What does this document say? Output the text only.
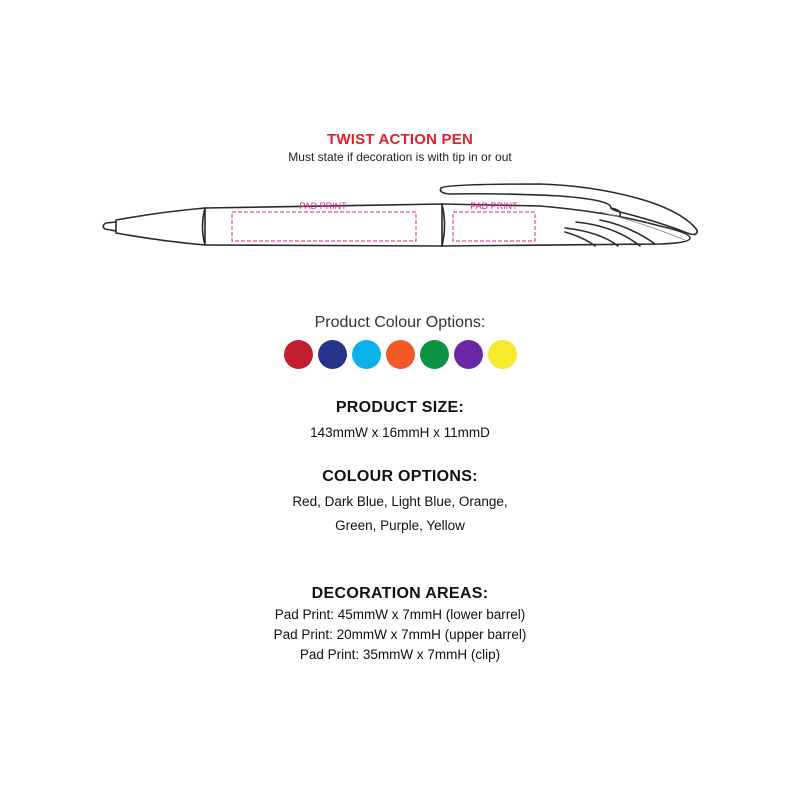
TWIST ACTION PEN
Must state if decoration is with tip in or out
PAD PRINT	PAD PRINT
Product Colour Options:
PRODUCT SIZE:
143mmW x 16mmH x 11mmD
COLOUR OPTIONS:
Red, Dark Blue, Light Blue, Orange,
Green, Purple, Yellow
DECORATION AREAS:
Pad Print: 45mmW x 7mmH (lower barrel)
Pad Print: 20mmW x 7mmH (upper barrel)
Pad Print: 35mmW x 7mmH (clip)
